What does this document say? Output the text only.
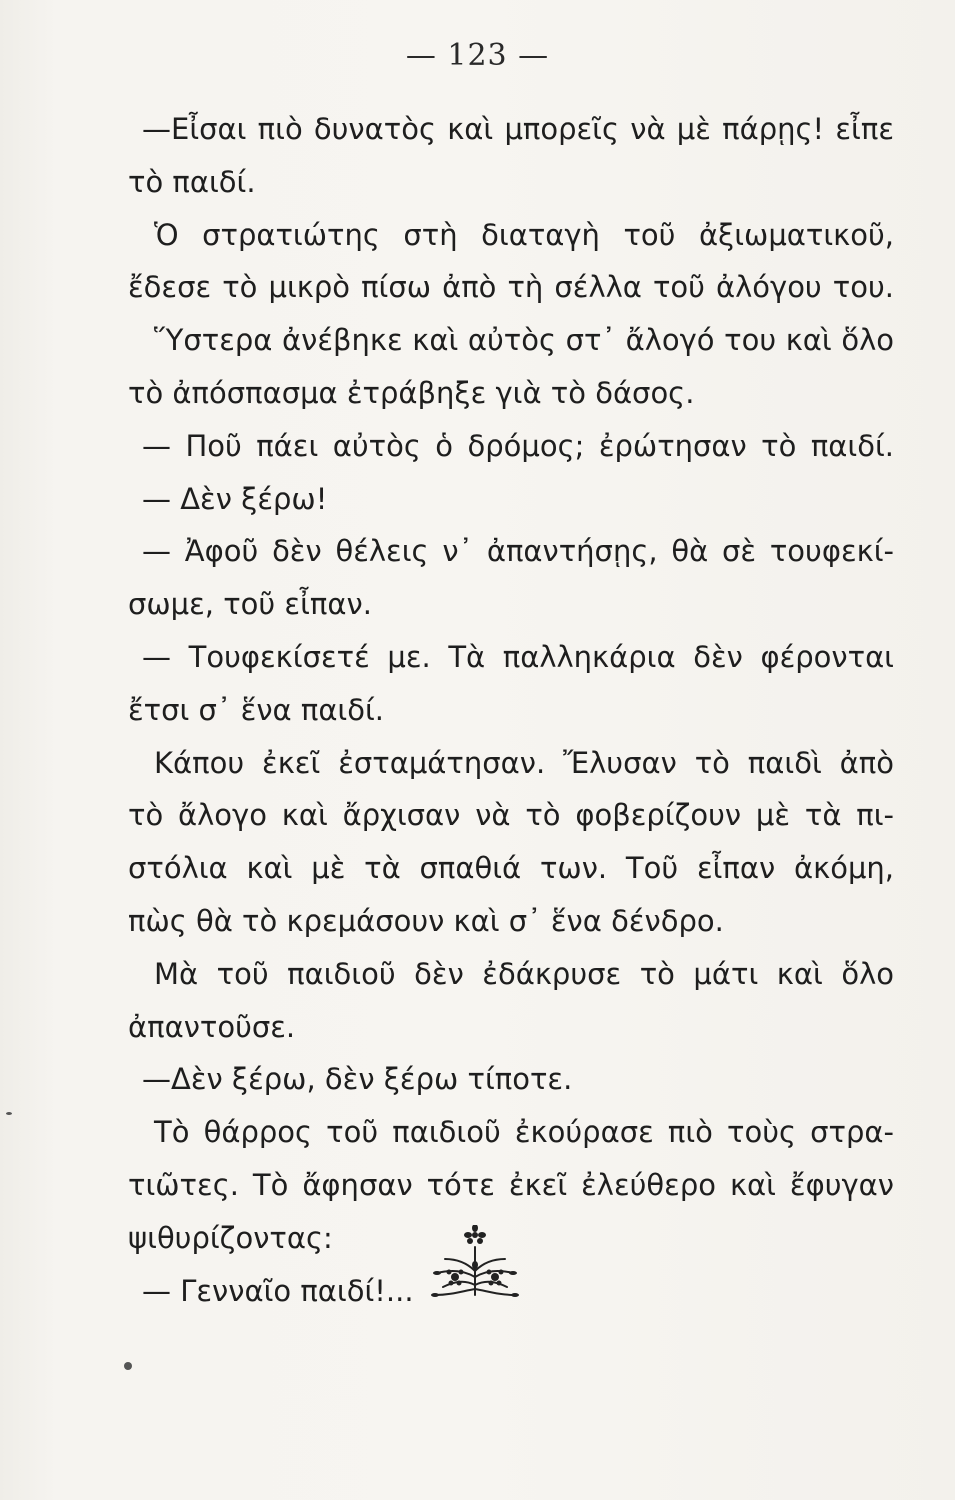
— 123 —
—Εἶσαι πιὸ δυνατὸς καὶ μπορεῖς νὰ μὲ πάρῃς! εἶπε
τὸ παιδί.
Ὁ στρατιώτης στὴ διαταγὴ τοῦ ἀξιωματικοῦ,
ἔδεσε τὸ μικρὸ πίσω ἀπὸ τὴ σέλλα τοῦ ἀλόγου του.
Ὕστερα ἀνέβηκε καὶ αὐτὸς στ᾽ ἄλογό του καὶ ὅλο
τὸ ἀπόσπασμα ἐτράβηξε γιὰ τὸ δάσος.
— Ποῦ πάει αὐτὸς ὁ δρόμος; ἐρώτησαν τὸ παιδί.
— Δὲν ξέρω!
— Ἀφοῦ δὲν θέλεις ν᾽ ἀπαντήσῃς, θὰ σὲ τουφεκί-
σωμε, τοῦ εἶπαν.
— Τουφεκίσετέ με. Τὰ παλληκάρια δὲν φέρονται
ἔτσι σ᾽ ἕνα παιδί.
Κάπου ἐκεῖ ἐσταμάτησαν. Ἔλυσαν τὸ παιδὶ ἀπὸ
τὸ ἄλογο καὶ ἄρχισαν νὰ τὸ φοβερίζουν μὲ τὰ πι-
στόλια καὶ μὲ τὰ σπαθιά των. Τοῦ εἶπαν ἀκόμη,
πὼς θὰ τὸ κρεμάσουν καὶ σ᾽ ἕνα δένδρο.
Μὰ τοῦ παιδιοῦ δὲν ἐδάκρυσε τὸ μάτι καὶ ὅλο
ἀπαντοῦσε.
—Δὲν ξέρω, δὲν ξέρω τίποτε.
Τὸ θάρρος τοῦ παιδιοῦ ἐκούρασε πιὸ τοὺς στρα-
τιῶτες. Τὸ ἄφησαν τότε ἐκεῖ ἐλεύθερο καὶ ἔφυγαν
ψιθυρίζοντας:
— Γενναῖο παιδί!...
